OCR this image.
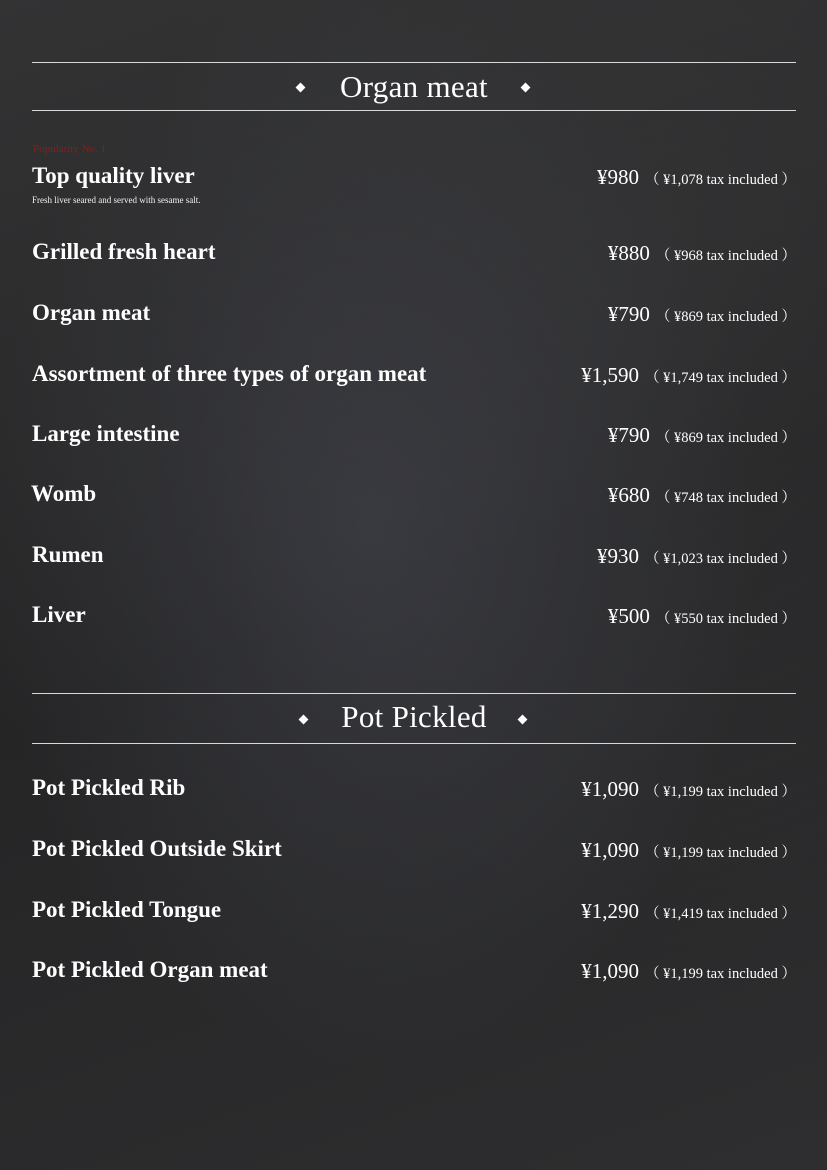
Organ meat
Popularity No. 1
Top quality liver	¥980 （ ¥1,078 tax included ）
Fresh liver seared and served with sesame salt.
Grilled fresh heart	¥880 （ ¥968 tax included ）
Organ meat	¥790 （ ¥869 tax included ）
Assortment of three types of organ meat	¥1,590 （ ¥1,749 tax included ）
Large intestine	¥790 （ ¥869 tax included ）
Womb	¥680 （ ¥748 tax included ）
Rumen	¥930 （ ¥1,023 tax included ）
Liver	¥500 （ ¥550 tax included ）
Pot Pickled
Pot Pickled Rib	¥1,090 （ ¥1,199 tax included ）
Pot Pickled Outside Skirt	¥1,090 （ ¥1,199 tax included ）
Pot Pickled Tongue	¥1,290 （ ¥1,419 tax included ）
Pot Pickled Organ meat	¥1,090 （ ¥1,199 tax included ）
